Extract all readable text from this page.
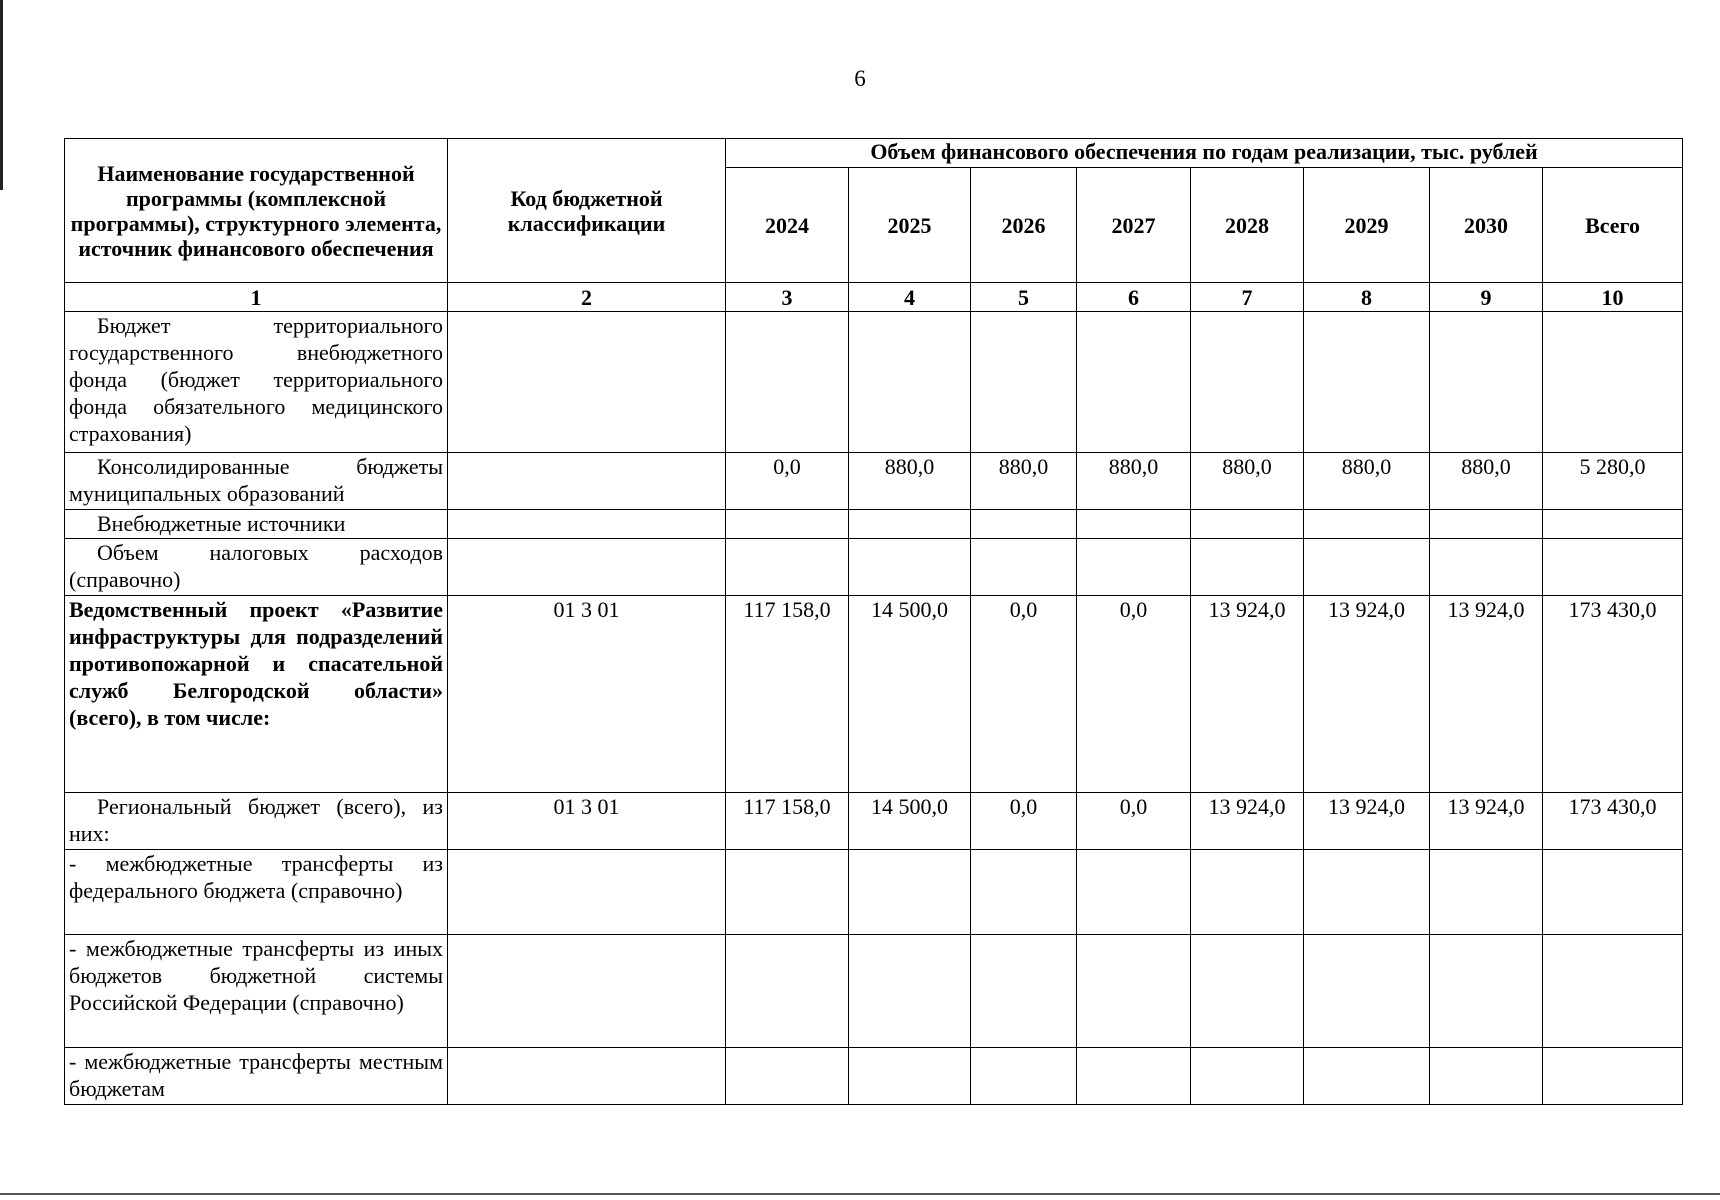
6
Наименование государственной программы (комплексной программы), структурного элемента, источник финансового обеспечения	Код бюджетной классификации	Объем финансового обеспечения по годам реализации, тыс. рублей							
		2024	2025	2026	2027	2028	2029	2030	Всего
1	2	3	4	5	6	7	8	9	10
Бюджет территориального государственного внебюджетного фонда (бюджет территориального фонда обязательного медицинского страхования)									
Консолидированные бюджеты муниципальных образований		0,0	880,0	880,0	880,0	880,0	880,0	880,0	5 280,0
Внебюджетные источники									
Объем налоговых расходов (справочно)									
Ведомственный проект «Развитие инфраструктуры для подразделений противопожарной и спасательной служб Белгородской области» (всего), в том числе:	01 3 01	117 158,0	14 500,0	0,0	0,0	13 924,0	13 924,0	13 924,0	173 430,0
Региональный бюджет (всего), из них:	01 3 01	117 158,0	14 500,0	0,0	0,0	13 924,0	13 924,0	13 924,0	173 430,0
- межбюджетные трансферты из федерального бюджета (справочно)									
- межбюджетные трансферты из иных бюджетов бюджетной системы Российской Федерации (справочно)									
- межбюджетные трансферты местным бюджетам									
